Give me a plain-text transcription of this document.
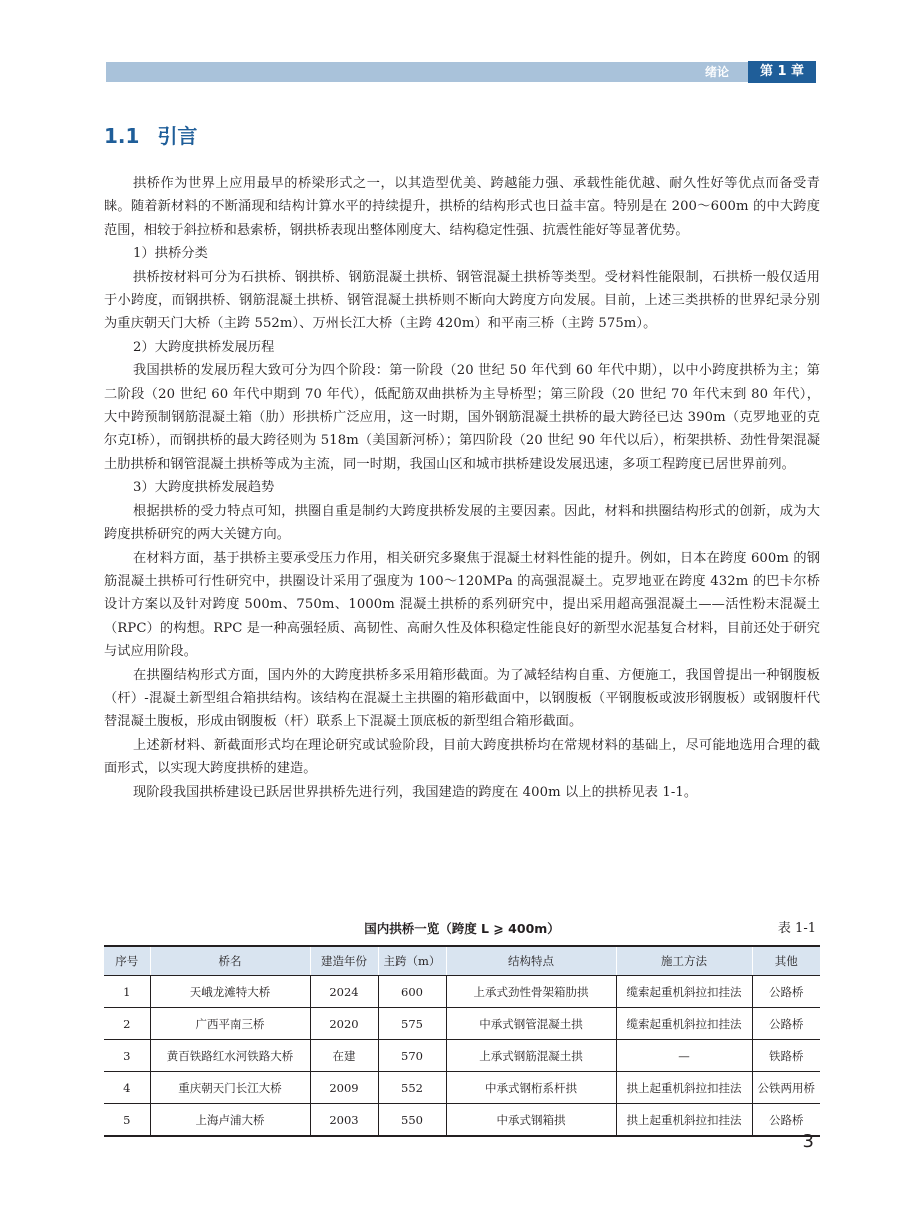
绪论	第 1 章
1.1 引言

拱桥作为世界上应用最早的桥梁形式之一，以其造型优美、跨越能力强、承载性能优越、耐久性好等优点而备受青睐。随着新材料的不断涌现和结构计算水平的持续提升，拱桥的结构形式也日益丰富。特别是在 200～600m 的中大跨度范围，相较于斜拉桥和悬索桥，钢拱桥表现出整体刚度大、结构稳定性强、抗震性能好等显著优势。

1）拱桥分类

拱桥按材料可分为石拱桥、钢拱桥、钢筋混凝土拱桥、钢管混凝土拱桥等类型。受材料性能限制，石拱桥一般仅适用于小跨度，而钢拱桥、钢筋混凝土拱桥、钢管混凝土拱桥则不断向大跨度方向发展。目前，上述三类拱桥的世界纪录分别为重庆朝天门大桥（主跨 552m）、万州长江大桥（主跨 420m）和平南三桥（主跨 575m）。

2）大跨度拱桥发展历程

我国拱桥的发展历程大致可分为四个阶段：第一阶段（20 世纪 50 年代到 60 年代中期），以中小跨度拱桥为主；第二阶段（20 世纪 60 年代中期到 70 年代），低配筋双曲拱桥为主导桥型；第三阶段（20 世纪 70 年代末到 80 年代），大中跨预制钢筋混凝土箱（肋）形拱桥广泛应用，这一时期，国外钢筋混凝土拱桥的最大跨径已达 390m（克罗地亚的克尔克Ⅰ桥），而钢拱桥的最大跨径则为 518m（美国新河桥）；第四阶段（20 世纪 90 年代以后），桁架拱桥、劲性骨架混凝土肋拱桥和钢管混凝土拱桥等成为主流，同一时期，我国山区和城市拱桥建设发展迅速，多项工程跨度已居世界前列。

3）大跨度拱桥发展趋势

根据拱桥的受力特点可知，拱圈自重是制约大跨度拱桥发展的主要因素。因此，材料和拱圈结构形式的创新，成为大跨度拱桥研究的两大关键方向。

在材料方面，基于拱桥主要承受压力作用，相关研究多聚焦于混凝土材料性能的提升。例如，日本在跨度 600m 的钢筋混凝土拱桥可行性研究中，拱圈设计采用了强度为 100～120MPa 的高强混凝土。克罗地亚在跨度 432m 的巴卡尔桥设计方案以及针对跨度 500m、750m、1000m 混凝土拱桥的系列研究中，提出采用超高强混凝土——活性粉末混凝土（RPC）的构想。RPC 是一种高强轻质、高韧性、高耐久性及体积稳定性能良好的新型水泥基复合材料，目前还处于研究与试应用阶段。

在拱圈结构形式方面，国内外的大跨度拱桥多采用箱形截面。为了减轻结构自重、方便施工，我国曾提出一种钢腹板（杆）-混凝土新型组合箱拱结构。该结构在混凝土主拱圈的箱形截面中，以钢腹板（平钢腹板或波形钢腹板）或钢腹杆代替混凝土腹板，形成由钢腹板（杆）联系上下混凝土顶底板的新型组合箱形截面。

上述新材料、新截面形式均在理论研究或试验阶段，目前大跨度拱桥均在常规材料的基础上，尽可能地选用合理的截面形式，以实现大跨度拱桥的建造。

现阶段我国拱桥建设已跃居世界拱桥先进行列，我国建造的跨度在 400m 以上的拱桥见表 1-1。

国内拱桥一览（跨度 L ⩾ 400m）	表 1-1
序号	桥名	建造年份	主跨（m）	结构特点	施工方法	其他
1	天峨龙滩特大桥	2024	600	上承式劲性骨架箱肋拱	缆索起重机斜拉扣挂法	公路桥
2	广西平南三桥	2020	575	中承式钢管混凝土拱	缆索起重机斜拉扣挂法	公路桥
3	黄百铁路红水河铁路大桥	在建	570	上承式钢筋混凝土拱	—	铁路桥
4	重庆朝天门长江大桥	2009	552	中承式钢桁系杆拱	拱上起重机斜拉扣挂法	公铁两用桥
5	上海卢浦大桥	2003	550	中承式钢箱拱	拱上起重机斜拉扣挂法	公路桥
3
